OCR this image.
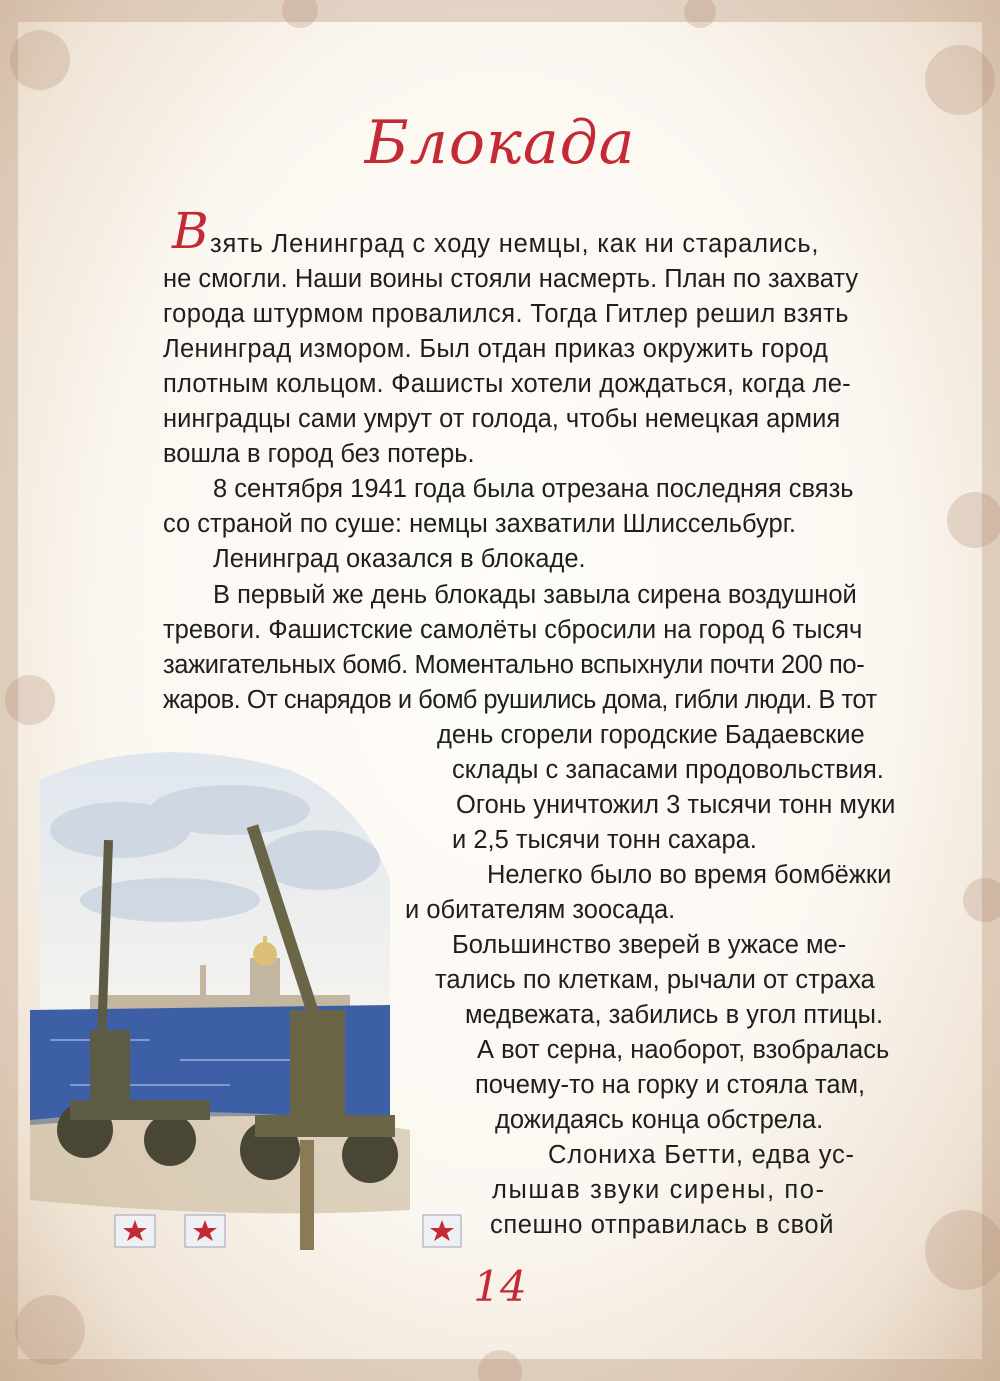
Блокада
В зять Ленинград с ходу немцы, как ни старались,
не смогли. Наши воины стояли насмерть. План по захвату
города штурмом провалился. Тогда Гитлер решил взять
Ленинград измором. Был отдан приказ окружить город
плотным кольцом. Фашисты хотели дождаться, когда ле-
нинградцы сами умрут от голода, чтобы немецкая армия
вошла в город без потерь.
8 сентября 1941 года была отрезана последняя связь
со страной по суше: немцы захватили Шлиссельбург.
Ленинград оказался в блокаде.
В первый же день блокады завыла сирена воздушной
тревоги. Фашистские самолёты сбросили на город 6 тысяч
зажигательных бомб. Моментально вспыхнули почти 200 по-
жаров. От снарядов и бомб рушились дома, гибли люди. В тот
день сгорели городские Бадаевские
склады с запасами продовольствия.
Огонь уничтожил 3 тысячи тонн муки
и 2,5 тысячи тонн сахара.
Нелегко было во время бомбёжки
и обитателям зоосада.
Большинство зверей в ужасе ме-
тались по клеткам, рычали от страха
медвежата, забились в угол птицы.
А вот серна, наоборот, взобралась
почему-то на горку и стояла там,
дожидаясь конца обстрела.
Слониха Бетти, едва ус-
лышав звуки сирены, по-
спешно отправилась в свой
14
